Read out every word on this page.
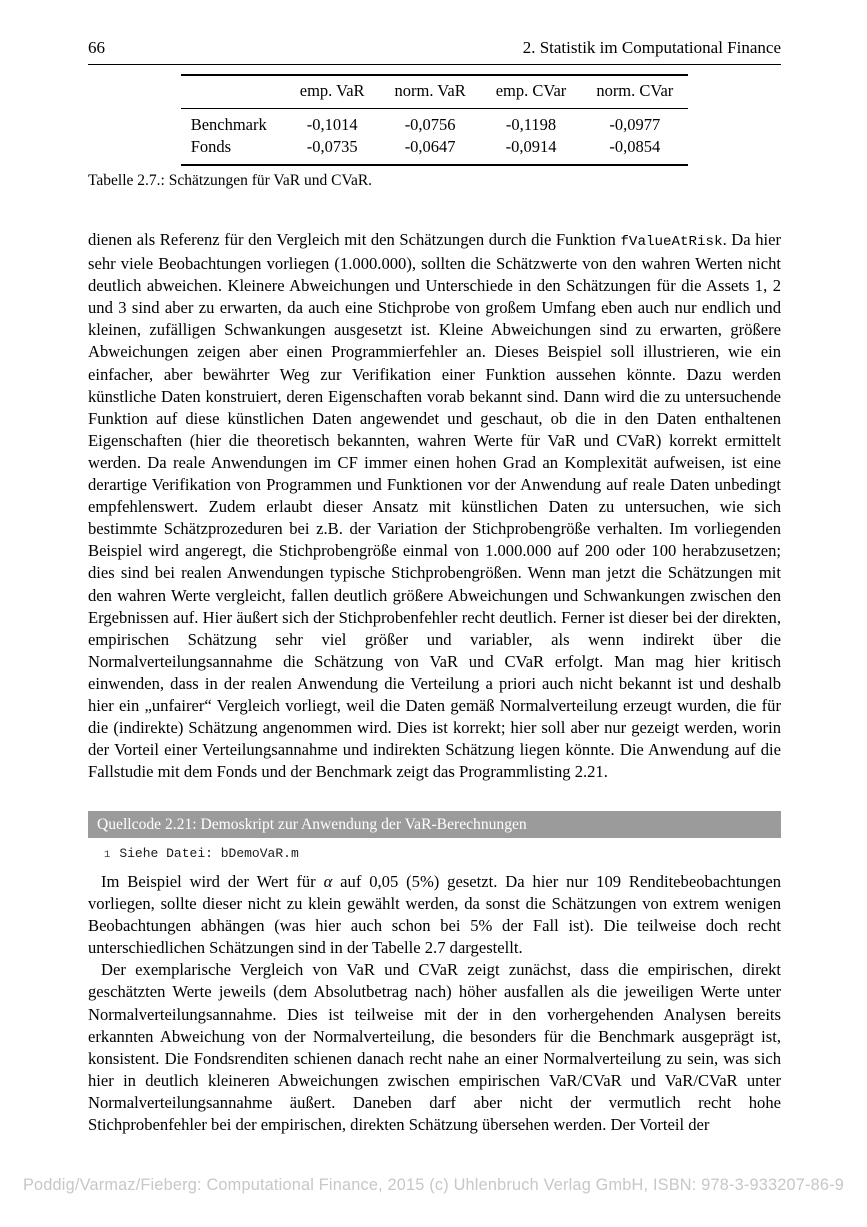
66	2. Statistik im Computational Finance
	emp. VaR	norm. VaR	emp. CVar	norm. CVar
Benchmark	-0,1014	-0,0756	-0,1198	-0,0977
Fonds	-0,0735	-0,0647	-0,0914	-0,0854
Tabelle 2.7.: Schätzungen für VaR und CVaR.

dienen als Referenz für den Vergleich mit den Schätzungen durch die Funktion fValueAtRisk. Da hier sehr viele Beobachtungen vorliegen (1.000.000), sollten die Schätzwerte von den wahren Werten nicht deutlich abweichen. Kleinere Abweichungen und Unterschiede in den Schätzungen für die Assets 1, 2 und 3 sind aber zu erwarten, da auch eine Stichprobe von großem Umfang eben auch nur endlich und kleinen, zufälligen Schwankungen ausgesetzt ist. Kleine Abweichungen sind zu erwarten, größere Abweichungen zeigen aber einen Programmierfehler an. Dieses Beispiel soll illustrieren, wie ein einfacher, aber bewährter Weg zur Verifikation einer Funktion aussehen könnte. Dazu werden künstliche Daten konstruiert, deren Eigenschaften vorab bekannt sind. Dann wird die zu untersuchende Funktion auf diese künstlichen Daten angewendet und geschaut, ob die in den Daten enthaltenen Eigenschaften (hier die theoretisch bekannten, wahren Werte für VaR und CVaR) korrekt ermittelt werden. Da reale Anwendungen im CF immer einen hohen Grad an Komplexität aufweisen, ist eine derartige Verifikation von Programmen und Funktionen vor der Anwendung auf reale Daten unbedingt empfehlenswert. Zudem erlaubt dieser Ansatz mit künstlichen Daten zu untersuchen, wie sich bestimmte Schätzprozeduren bei z.B. der Variation der Stichprobengröße verhalten. Im vorliegenden Beispiel wird angeregt, die Stichprobengröße einmal von 1.000.000 auf 200 oder 100 herabzusetzen; dies sind bei realen Anwendungen typische Stichprobengrößen. Wenn man jetzt die Schätzungen mit den wahren Werte vergleicht, fallen deutlich größere Abweichungen und Schwankungen zwischen den Ergebnissen auf. Hier äußert sich der Stichprobenfehler recht deutlich. Ferner ist dieser bei der direkten, empirischen Schätzung sehr viel größer und variabler, als wenn indirekt über die Normalverteilungsannahme die Schätzung von VaR und CVaR erfolgt. Man mag hier kritisch einwenden, dass in der realen Anwendung die Verteilung a priori auch nicht bekannt ist und deshalb hier ein „unfairer“ Vergleich vorliegt, weil die Daten gemäß Normalverteilung erzeugt wurden, die für die (indirekte) Schätzung angenommen wird. Dies ist korrekt; hier soll aber nur gezeigt werden, worin der Vorteil einer Verteilungsannahme und indirekten Schätzung liegen könnte. Die Anwendung auf die Fallstudie mit dem Fonds und der Benchmark zeigt das Programmlisting 2.21.

Quellcode 2.21: Demoskript zur Anwendung der VaR-Berechnungen
1 Siehe Datei: bDemoVaR.m

Im Beispiel wird der Wert für α auf 0,05 (5%) gesetzt. Da hier nur 109 Renditebeobachtungen vorliegen, sollte dieser nicht zu klein gewählt werden, da sonst die Schätzungen von extrem wenigen Beobachtungen abhängen (was hier auch schon bei 5% der Fall ist). Die teilweise doch recht unterschiedlichen Schätzungen sind in der Tabelle 2.7 dargestellt.

Der exemplarische Vergleich von VaR und CVaR zeigt zunächst, dass die empirischen, direkt geschätzten Werte jeweils (dem Absolutbetrag nach) höher ausfallen als die jeweiligen Werte unter Normalverteilungsannahme. Dies ist teilweise mit der in den vorhergehenden Analysen bereits erkannten Abweichung von der Normalverteilung, die besonders für die Benchmark ausgeprägt ist, konsistent. Die Fondsrenditen schienen danach recht nahe an einer Normalverteilung zu sein, was sich hier in deutlich kleineren Abweichungen zwischen empirischen VaR/CVaR und VaR/CVaR unter Normalverteilungsannahme äußert. Daneben darf aber nicht der vermutlich recht hohe Stichprobenfehler bei der empirischen, direkten Schätzung übersehen werden. Der Vorteil der

Poddig/Varmaz/Fieberg: Computational Finance, 2015 (c) Uhlenbruch Verlag GmbH, ISBN: 978-3-933207-86-9
